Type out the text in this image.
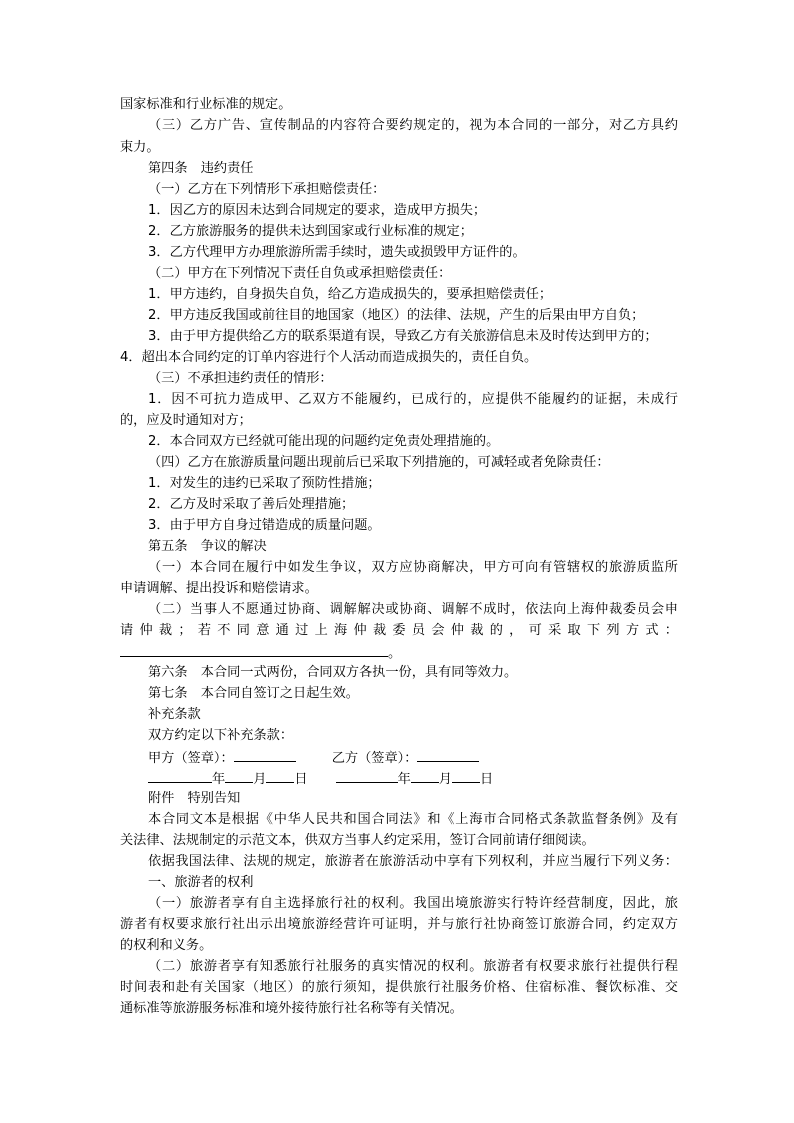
国家标准和行业标准的规定。
（三）乙方广告、宣传制品的内容符合要约规定的，视为本合同的一部分，对乙方具约
束力。
第四条　违约责任
（一）乙方在下列情形下承担赔偿责任：
1．因乙方的原因未达到合同规定的要求，造成甲方损失；
2．乙方旅游服务的提供未达到国家或行业标准的规定；
3．乙方代理甲方办理旅游所需手续时，遗失或损毁甲方证件的。
（二）甲方在下列情况下责任自负或承担赔偿责任：
1．甲方违约，自身损失自负，给乙方造成损失的，要承担赔偿责任；
2．甲方违反我国或前往目的地国家（地区）的法律、法规，产生的后果由甲方自负；
3．由于甲方提供给乙方的联系渠道有误，导致乙方有关旅游信息未及时传达到甲方的；
4．超出本合同约定的订单内容进行个人活动而造成损失的，责任自负。
（三）不承担违约责任的情形：
1．因不可抗力造成甲、乙双方不能履约，已成行的，应提供不能履约的证据，未成行
的，应及时通知对方；
2．本合同双方已经就可能出现的问题约定免责处理措施的。
（四）乙方在旅游质量问题出现前后已采取下列措施的，可减轻或者免除责任：
1．对发生的违约已采取了预防性措施；
2．乙方及时采取了善后处理措施；
3．由于甲方自身过错造成的质量问题。
第五条　争议的解决
（一）本合同在履行中如发生争议，双方应协商解决，甲方可向有管辖权的旅游质监所
申请调解、提出投诉和赔偿请求。
（二）当事人不愿通过协商、调解解决或协商、调解不成时，依法向上海仲裁委员会申
请仲裁；若不同意通过上海仲裁委员会仲裁的，可采取下列方式：
。
第六条　本合同一式两份，合同双方各执一份，具有同等效力。
第七条　本合同自签订之日起生效。
补充条款
双方约定以下补充条款：
甲方（签章）：	乙方（签章）：
年 月 日	年 月 日
附件　特别告知
本合同文本是根据《中华人民共和国合同法》和《上海市合同格式条款监督条例》及有
关法律、法规制定的示范文本，供双方当事人约定采用，签订合同前请仔细阅读。
依据我国法律、法规的规定，旅游者在旅游活动中享有下列权利，并应当履行下列义务：
一、旅游者的权利
（一）旅游者享有自主选择旅行社的权利。我国出境旅游实行特许经营制度，因此，旅
游者有权要求旅行社出示出境旅游经营许可证明，并与旅行社协商签订旅游合同，约定双方
的权利和义务。
（二）旅游者享有知悉旅行社服务的真实情况的权利。旅游者有权要求旅行社提供行程
时间表和赴有关国家（地区）的旅行须知，提供旅行社服务价格、住宿标准、餐饮标准、交
通标准等旅游服务标准和境外接待旅行社名称等有关情况。
